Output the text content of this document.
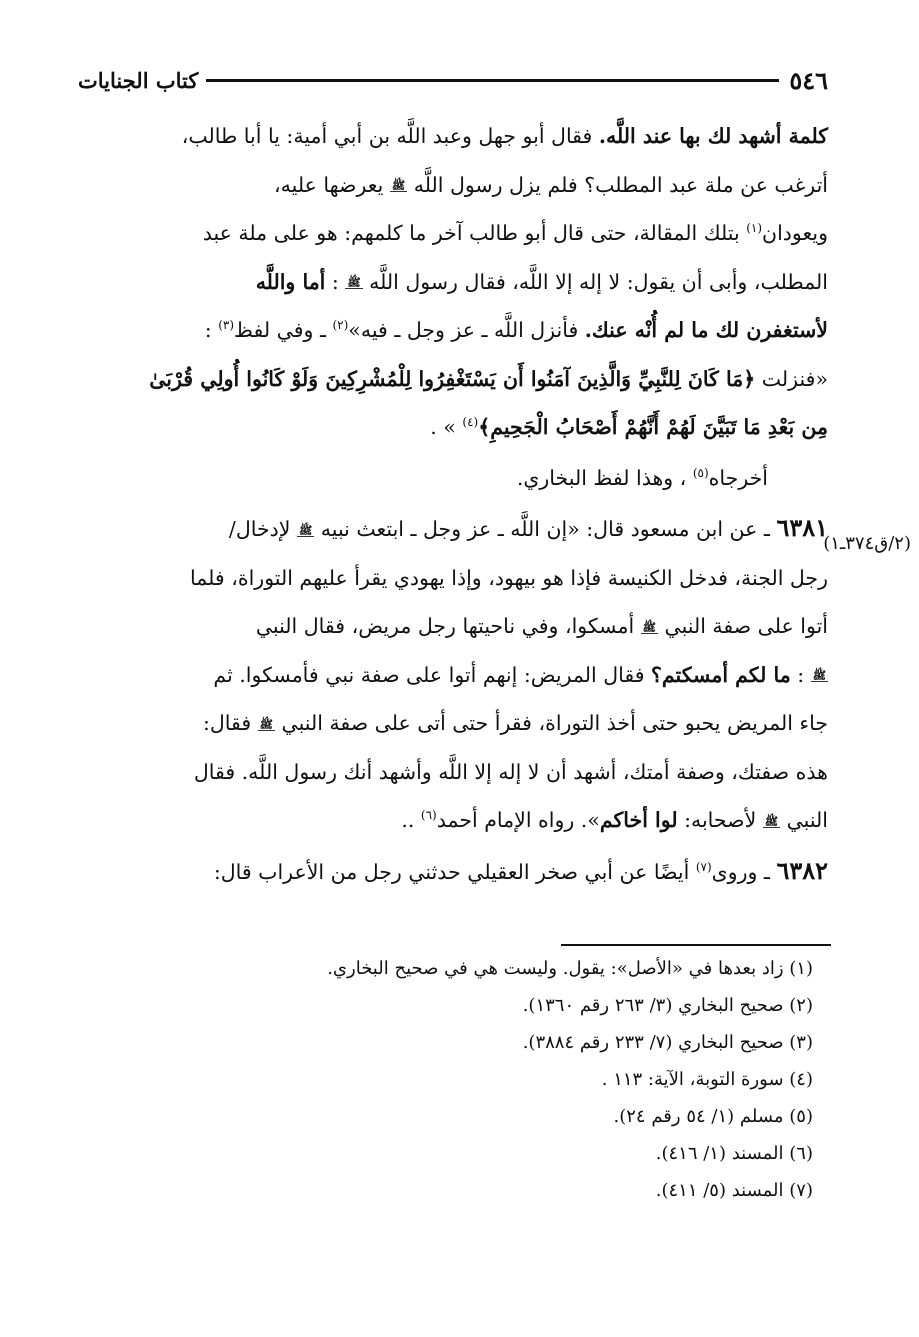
٥٤٦
كتاب الجنايات
(٢/ق٣٧٤ـ١)

كلمة أشهد لك بها عند اللَّه. فقال أبو جهل وعبد اللَّه بن أبي أمية: يا أبا طالب،

أترغب عن ملة عبد المطلب؟ فلم يزل رسول اللَّه ﷺ يعرضها عليه،

ويعودان$^{(١)}$ بتلك المقالة، حتى قال أبو طالب آخر ما كلمهم: هو على ملة عبد

المطلب، وأبى أن يقول: لا إله إلا اللَّه، فقال رسول اللَّه ﷺ : أما واللَّه

لأستغفرن لك ما لم أُنْه عنك. فأنزل اللَّه ـ عز وجل ـ فيه»$^{(٢)}$ ـ وفي لفظ$^{(٣)}$ :

«فنزلت ﴿مَا كَانَ لِلنَّبِيِّ وَالَّذِينَ آمَنُوا أَن يَسْتَغْفِرُوا لِلْمُشْرِكِينَ وَلَوْ كَانُوا أُولِي قُرْبَىٰ

مِن بَعْدِ مَا تَبَيَّنَ لَهُمْ أَنَّهُمْ أَصْحَابُ الْجَحِيمِ﴾$^{(٤)}$ » .

أخرجاه$^{(٥)}$ ، وهذا لفظ البخاري.

٦٣٨١ ـ عن ابن مسعود قال: «إن اللَّه ـ عز وجل ـ ابتعث نبيه ﷺ لإدخال/

رجل الجنة، فدخل الكنيسة فإذا هو بيهود، وإذا يهودي يقرأ عليهم التوراة، فلما

أتوا على صفة النبي ﷺ أمسكوا، وفي ناحيتها رجل مريض، فقال النبي

ﷺ : ما لكم أمسكتم؟ فقال المريض: إنهم أتوا على صفة نبي فأمسكوا. ثم

جاء المريض يحبو حتى أخذ التوراة، فقرأ حتى أتى على صفة النبي ﷺ فقال:

هذه صفتك، وصفة أمتك، أشهد أن لا إله إلا اللَّه وأشهد أنك رسول اللَّه. فقال

النبي ﷺ لأصحابه: لوا أخاكم». رواه الإمام أحمد$^{(٦)}$ ..

٦٣٨٢ ـ وروى$^{(٧)}$ أيضًا عن أبي صخر العقيلي حدثني رجل من الأعراب قال:

(١) زاد بعدها في «الأصل»: يقول. وليست هي في صحيح البخاري.

(٢) صحيح البخاري (٣/ ٢٦٣ رقم ١٣٦٠).

(٣) صحيح البخاري (٧/ ٢٣٣ رقم ٣٨٨٤).

(٤) سورة التوبة، الآية: ١١٣ .

(٥) مسلم (١/ ٥٤ رقم ٢٤).

(٦) المسند (١/ ٤١٦).

(٧) المسند (٥/ ٤١١).
